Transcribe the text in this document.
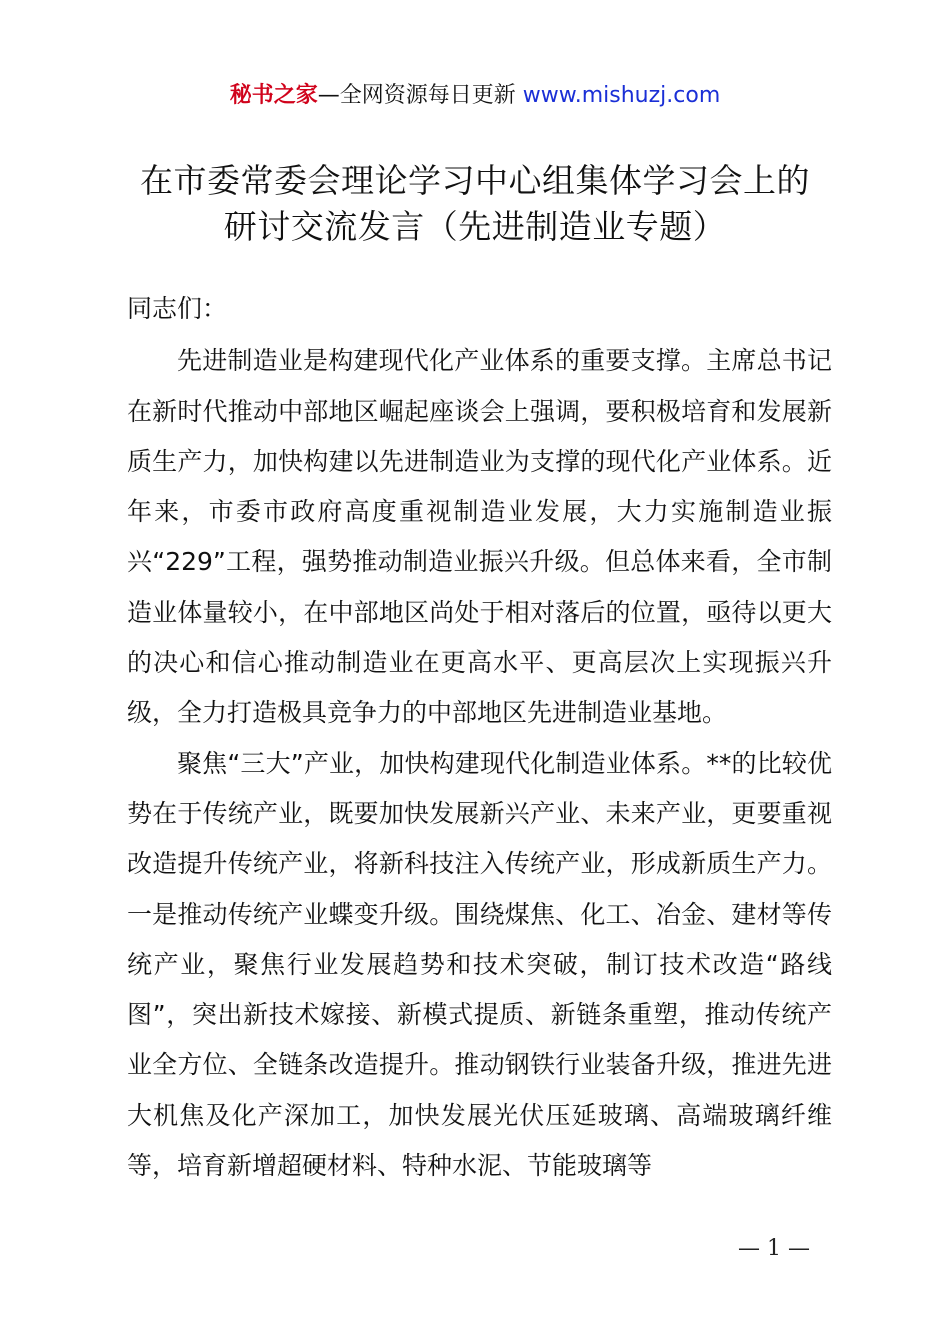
秘书之家—全网资源每日更新 www.mishuzj.com
在市委常委会理论学习中心组集体学习会上的
研讨交流发言（先进制造业专题）

同志们：

先进制造业是构建现代化产业体系的重要支撑。主席总书记在新时代推动中部地区崛起座谈会上强调，要积极培育和发展新质生产力，加快构建以先进制造业为支撑的现代化产业体系。近年来，市委市政府高度重视制造业发展，大力实施制造业振兴“229”工程，强势推动制造业振兴升级。但总体来看，全市制造业体量较小，在中部地区尚处于相对落后的位置，亟待以更大的决心和信心推动制造业在更高水平、更高层次上实现振兴升级，全力打造极具竞争力的中部地区先进制造业基地。

聚焦“三大”产业，加快构建现代化制造业体系。**的比较优势在于传统产业，既要加快发展新兴产业、未来产业，更要重视改造提升传统产业，将新科技注入传统产业，形成新质生产力。一是推动传统产业蝶变升级。围绕煤焦、化工、冶金、建材等传统产业，聚焦行业发展趋势和技术突破，制订技术改造“路线图”，突出新技术嫁接、新模式提质、新链条重塑，推动传统产业全方位、全链条改造提升。推动钢铁行业装备升级，推进先进大机焦及化产深加工，加快发展光伏压延玻璃、高端玻璃纤维等，培育新增超硬材料、特种水泥、节能玻璃等

— 1 —
